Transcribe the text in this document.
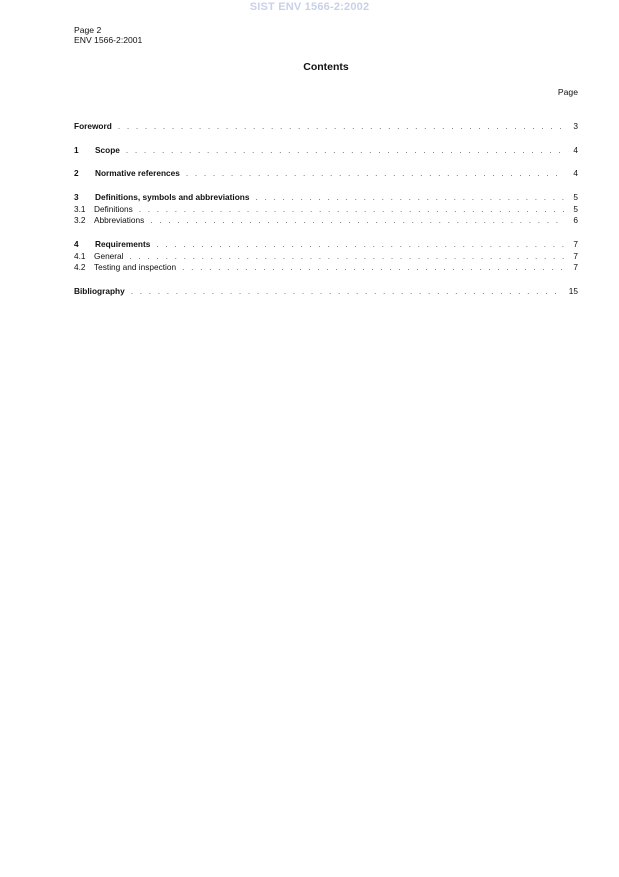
SIST ENV 1566-2:2002
Page 2
ENV 1566-2:2001
Contents
Page
Foreword . . .	3
1	Scope . . .	4
2	Normative references . . .	4
3	Definitions, symbols and abbreviations . . .	5
3.1	Definitions . . .	5
3.2	Abbreviations . . .	6
4	Requirements . . .	7
4.1	General . . .	7
4.2	Testing and inspection . . .	7
Bibliography . . .	15
